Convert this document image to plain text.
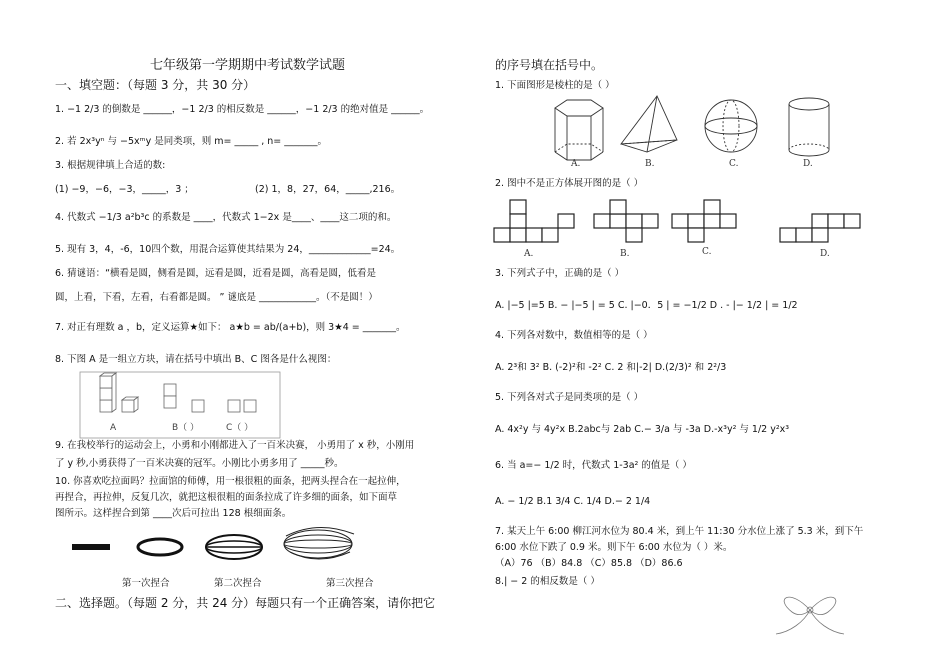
七年级第一学期期中考试数学试题
一、填空题：（每题 3 分，共 30 分）
1. −1 2/3 的倒数是 ______，−1 2/3 的相反数是 ______，−1 2/3 的绝对值是 ______。
2. 若 2x³yⁿ 与 −5xᵐy 是同类项，则 m= _____ , n= _______。
3. 根据规律填上合适的数:
(1) −9，−6，−3，_____，3 ；	(2) 1，8，27，64，_____,216。
4. 代数式 −1/3 a²b³c 的系数是 ____，代数式 1−2x 是____、____这二项的和。
5. 现有 3，4，-6，10四个数，用混合运算使其结果为 24，_____________=24。
6. 猜谜语：“横看是圆，侧看是圆，远看是圆，近看是圆，高看是圆，低看是
圆，上看，下看，左看，右看都是圆。 ” 谜底是 ____________。（不是圆！）
7. 对正有理数 a ，b，定义运算★如下： a★b = ab/(a+b)，则 3★4 = _______。
8. 下图 A 是一组立方块，请在括号中填出 B、C 图各是什么视图：
A	B（ ）	C（ ）
9. 在我校举行的运动会上，小勇和小刚都进入了一百米决赛， 小勇用了 x 秒，小刚用
了 y 秒,小勇获得了一百米决赛的冠军。小刚比小勇多用了 _____秒。
10. 你喜欢吃拉面吗？拉面馆的师傅，用一根很粗的面条，把两头捏合在一起拉伸，
再捏合，再拉伸，反复几次，就把这根很粗的面条拉成了许多细的面条，如下面草
图所示。这样捏合到第 ____次后可拉出 128 根细面条。
第一次捏合	第二次捏合	第三次捏合
二、选择题。（每题 2 分，共 24 分）每题只有一个正确答案，请你把它
的序号填在括号中。
1. 下面图形是棱柱的是（ ）
A.	B.	C.	D.
2. 图中不是正方体展开图的是（ ）
A.	B.	C.	D.
3. 下列式子中，正确的是（ ）
A. |−5 |=5 B. − |−5 | = 5 C. |−0．5 | = −1/2 D . - |− 1/2 | = 1/2
4. 下列各对数中，数值相等的是（ ）
A. 2³和 3² B. (-2)²和 -2² C. 2 和|-2| D.(2/3)² 和 2²/3
5. 下列各对式子是同类项的是（ ）
A. 4x²y 与 4y²x B.2abc与 2ab C.− 3/a 与 -3a D.-x³y² 与 1/2 y²x³
6. 当 a=− 1/2 时，代数式 1-3a² 的值是（ ）
A. − 1/2 B.1 3/4 C. 1/4 D.− 2 1/4
7. 某天上午 6:00 柳江河水位为 80.4 米，到上午 11:30 分水位上涨了 5.3 米，到下午
6:00 水位下跌了 0.9 米。则下午 6:00 水位为（ ）米。
（A）76 （B）84.8 （C）85.8 （D）86.6
8.| − 2 的相反数是（ ）
